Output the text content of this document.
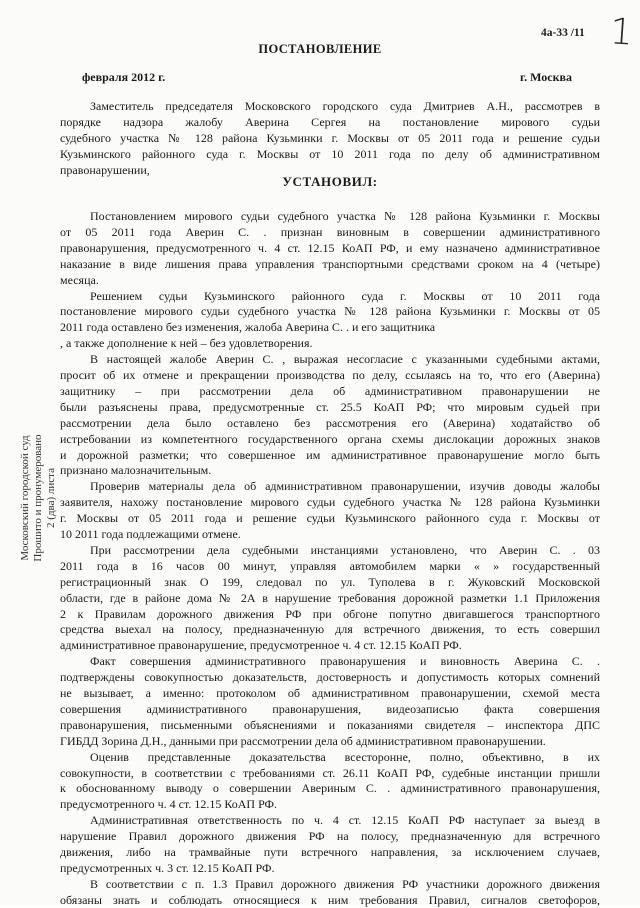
4а-33 /11 1
ПОСТАНОВЛЕНИЕ
февраля 2012 г.	г. Москва
Заместитель председателя Московского городского суда Дмитриев А.Н., рассмотрев в
порядке надзора жалобу Аверина Сергея на постановление мирового судьи
судебного участка № 128 района Кузьминки г. Москвы от 05 2011 года и решение судьи
Кузьминского районного суда г. Москвы от 10 2011 года по делу об административном
правонарушении,
УСТАНОВИЛ:
Постановлением мирового судьи судебного участка № 128 района Кузьминки г. Москвы
от 05 2011 года Аверин С. . признан виновным в совершении административного
правонарушения, предусмотренного ч. 4 ст. 12.15 КоАП РФ, и ему назначено административное
наказание в виде лишения права управления транспортными средствами сроком на 4 (четыре)
месяца.
Решением судьи Кузьминского районного суда г. Москвы от 10 2011 года
постановление мирового судьи судебного участка № 128 района Кузьминки г. Москвы от 05
2011 года оставлено без изменения, жалоба Аверина С. . и его защитника
, а также дополнение к ней – без удовлетворения.
В настоящей жалобе Аверин С. , выражая несогласие с указанными судебными актами,
просит об их отмене и прекращении производства по делу, ссылаясь на то, что его (Аверина)
защитнику – при рассмотрении дела об административном правонарушении не
были разъяснены права, предусмотренные ст. 25.5 КоАП РФ; что мировым судьей при
рассмотрении дела было оставлено без рассмотрения его (Аверина) ходатайство об
истребовании из компетентного государственного органа схемы дислокации дорожных знаков
и дорожной разметки; что совершенное им административное правонарушение могло быть
признано малозначительным.
Проверив материалы дела об административном правонарушении, изучив доводы жалобы
заявителя, нахожу постановление мирового судьи судебного участка № 128 района Кузьминки
г. Москвы от 05 2011 года и решение судьи Кузьминского районного суда г. Москвы от
10 2011 года подлежащими отмене.
При рассмотрении дела судебными инстанциями установлено, что Аверин С. . 03
2011 года в 16 часов 00 минут, управляя автомобилем марки « » государственный
регистрационный знак О 199, следовал по ул. Туполева в г. Жуковский Московской
области, где в районе дома № 2А в нарушение требования дорожной разметки 1.1 Приложения
2 к Правилам дорожного движения РФ при обгоне попутно двигавшегося транспортного
средства выехал на полосу, предназначенную для встречного движения, то есть совершил
административное правонарушение, предусмотренное ч. 4 ст. 12.15 КоАП РФ.
Факт совершения административного правонарушения и виновность Аверина С. .
подтверждены совокупностью доказательств, достоверность и допустимость которых сомнений
не вызывает, а именно: протоколом об административном правонарушении, схемой места
совершения административного правонарушения, видеозаписью факта совершения
правонарушения, письменными объяснениями и показаниями свидетеля – инспектора ДПС
ГИБДД Зорина Д.Н., данными при рассмотрении дела об административном правонарушении.
Оценив представленные доказательства всесторонне, полно, объективно, в их
совокупности, в соответствии с требованиями ст. 26.11 КоАП РФ, судебные инстанции пришли
к обоснованному выводу о совершении Авериным С. . административного правонарушения,
предусмотренного ч. 4 ст. 12.15 КоАП РФ.
Административная ответственность по ч. 4 ст. 12.15 КоАП РФ наступает за выезд в
нарушение Правил дорожного движения РФ на полосу, предназначенную для встречного
движения, либо на трамвайные пути встречного направления, за исключением случаев,
предусмотренных ч. 3 ст. 12.15 КоАП РФ.
В соответствии с п. 1.3 Правил дорожного движения РФ участники дорожного движения
обязаны знать и соблюдать относящиеся к ним требования Правил, сигналов светофоров,
Московский городской суд Прошито и пронумеровано 2 (два) листа
